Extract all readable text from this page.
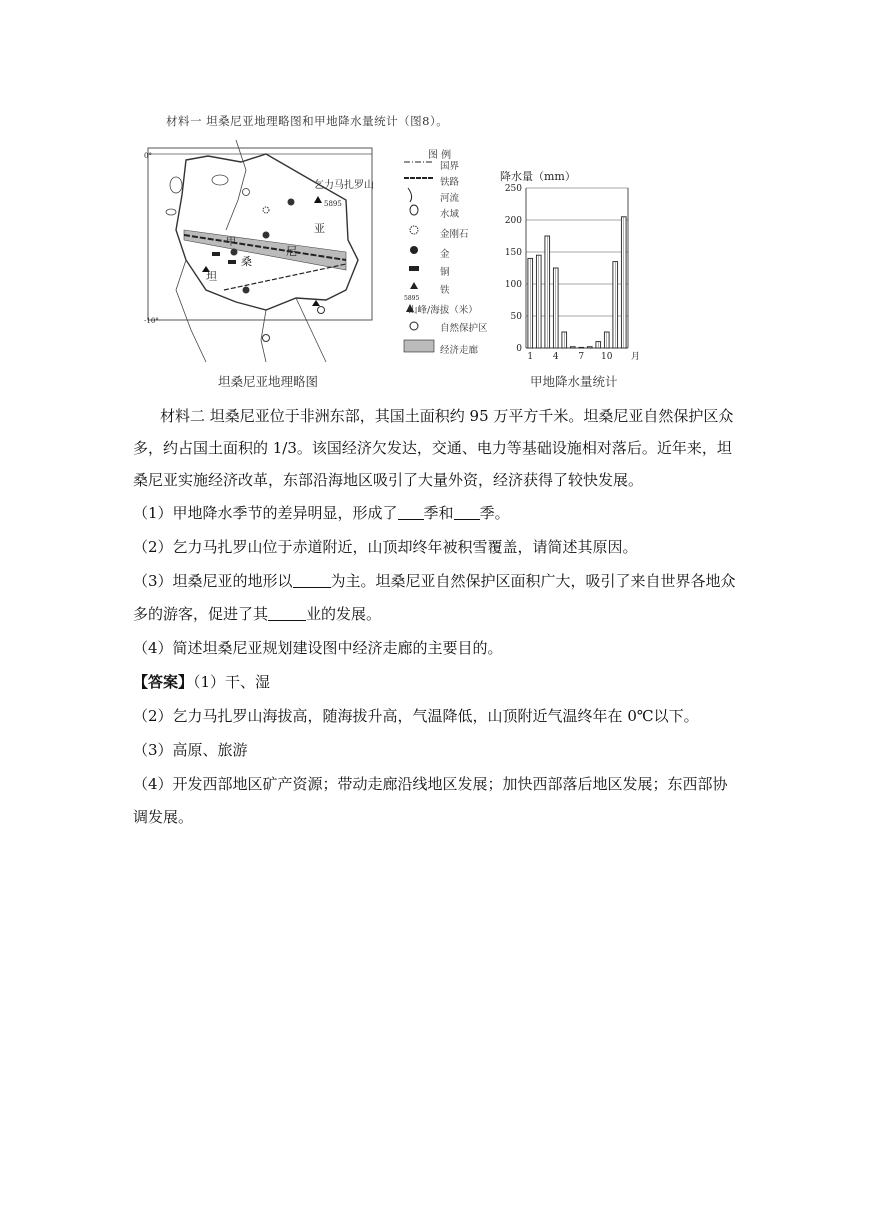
材料一 坦桑尼亚地理略图和甲地降水量统计（图8）。
乞力马扎罗山
5895
0°
-10°
坦
桑
尼
亚
甲
坦桑尼亚地理略图
图 例
5895
国界
铁路
河流
水域
金刚石
金
铜
铁
山峰/海拔（米）
自然保护区
经济走廊
降水量（mm）
0
50
100
150
200
250
1 4 7 10 月
甲地降水量统计
材料二 坦桑尼亚位于非洲东部，其国土面积约 95 万平方千米。坦桑尼亚自然保护区众
多，约占国土面积的 1/3。该国经济欠发达，交通、电力等基础设施相对落后。近年来，坦
桑尼亚实施经济改革，东部沿海地区吸引了大量外资，经济获得了较快发展。
（1）甲地降水季节的差异明显，形成了 季和 季。
（2）乞力马扎罗山位于赤道附近，山顶却终年被积雪覆盖，请简述其原因。
（3）坦桑尼亚的地形以	为主。坦桑尼亚自然保护区面积广大，吸引了来自世界各地众
多的游客，促进了其	业的发展。
（4）简述坦桑尼亚规划建设图中经济走廊的主要目的。
【答案】（1）干、湿
（2）乞力马扎罗山海拔高，随海拔升高，气温降低，山顶附近气温终年在 0℃以下。
（3）高原、旅游
（4）开发西部地区矿产资源；带动走廊沿线地区发展；加快西部落后地区发展；东西部协
调发展。
